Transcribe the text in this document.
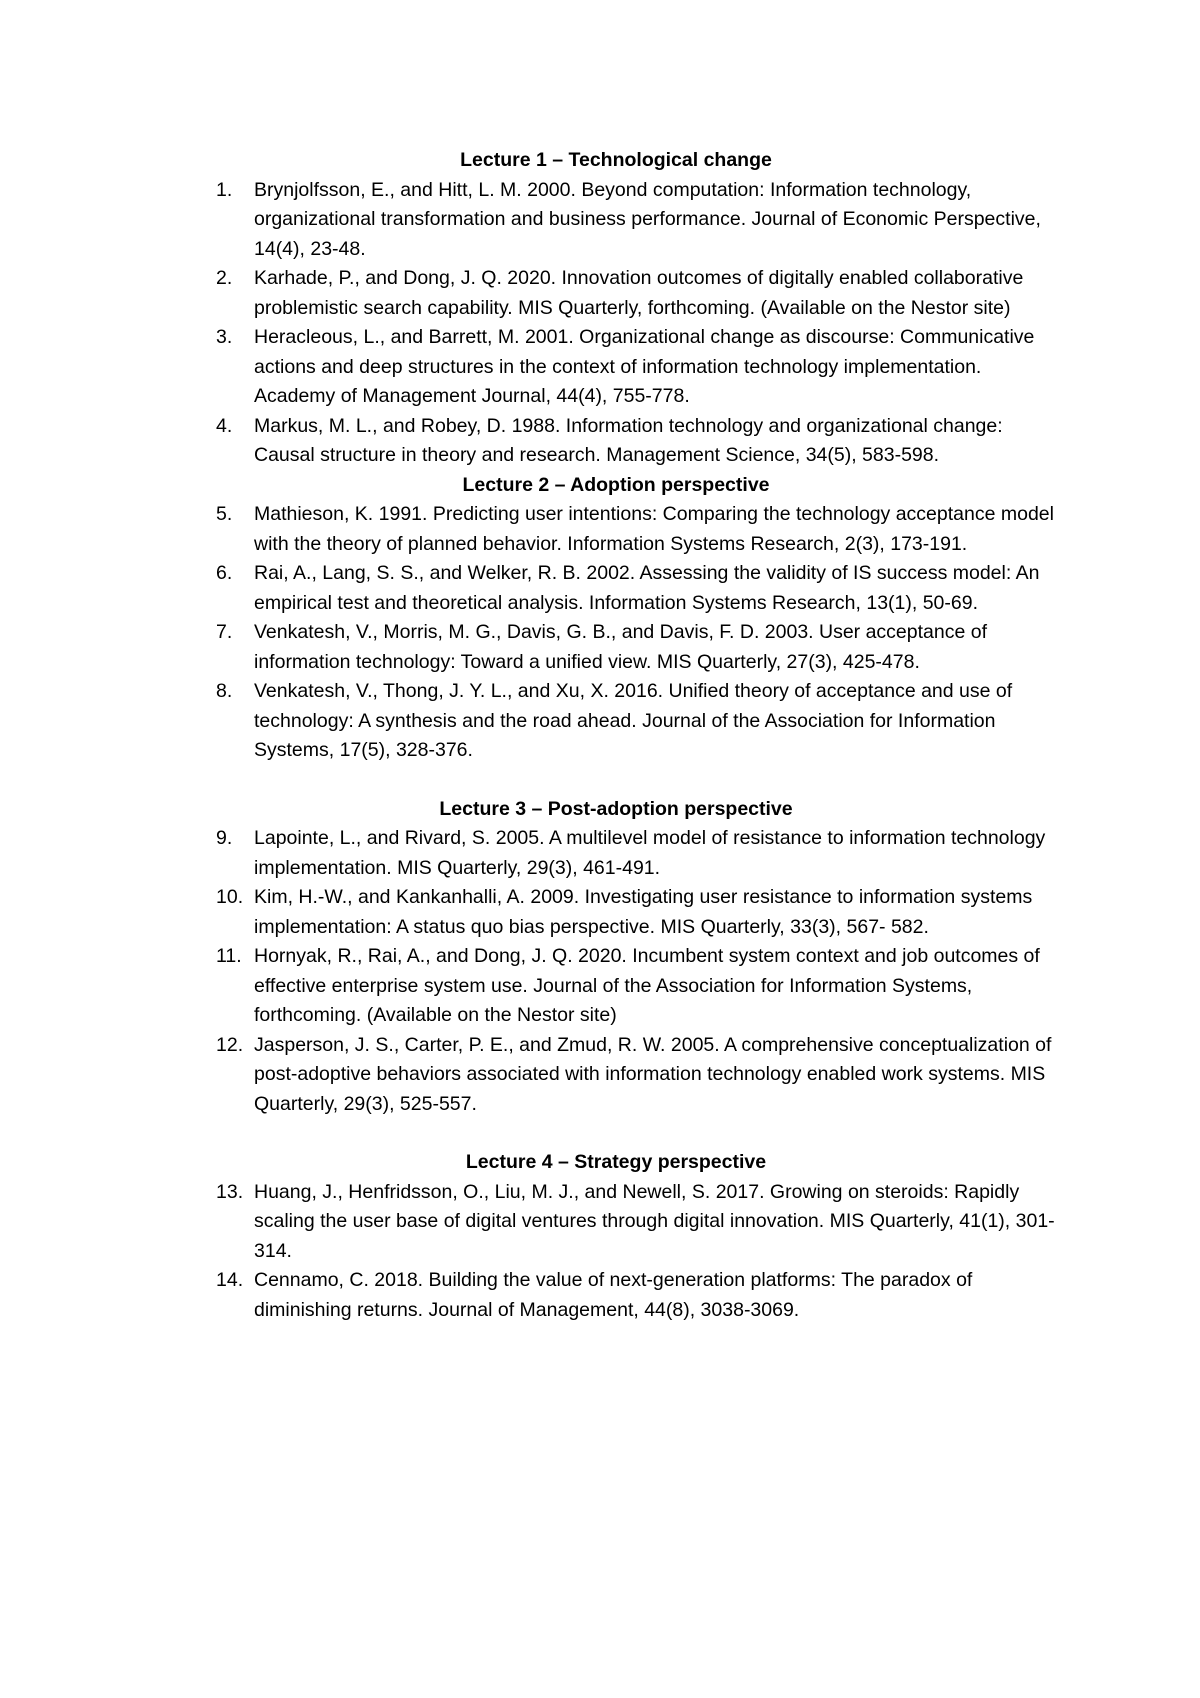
Lecture 1 – Technological change
1.	Brynjolfsson, E., and Hitt, L. M. 2000. Beyond computation: Information technology, organizational transformation and business performance. Journal of Economic Perspective, 14(4), 23-48.
2.	Karhade, P., and Dong, J. Q. 2020. Innovation outcomes of digitally enabled collaborative problemistic search capability. MIS Quarterly, forthcoming. (Available on the Nestor site)
3.	Heracleous, L., and Barrett, M. 2001. Organizational change as discourse: Communicative actions and deep structures in the context of information technology implementation. Academy of Management Journal, 44(4), 755-778.
4.	Markus, M. L., and Robey, D. 1988. Information technology and organizational change: Causal structure in theory and research. Management Science, 34(5), 583-598.
Lecture 2 – Adoption perspective
5.	Mathieson, K. 1991. Predicting user intentions: Comparing the technology acceptance model with the theory of planned behavior. Information Systems Research, 2(3), 173-191.
6.	Rai, A., Lang, S. S., and Welker, R. B. 2002. Assessing the validity of IS success model: An empirical test and theoretical analysis. Information Systems Research, 13(1), 50-69.
7.	Venkatesh, V., Morris, M. G., Davis, G. B., and Davis, F. D. 2003. User acceptance of information technology: Toward a unified view. MIS Quarterly, 27(3), 425-478.
8.	Venkatesh, V., Thong, J. Y. L., and Xu, X. 2016. Unified theory of acceptance and use of technology: A synthesis and the road ahead. Journal of the Association for Information Systems, 17(5), 328-376.
Lecture 3 – Post-adoption perspective
9.	Lapointe, L., and Rivard, S. 2005. A multilevel model of resistance to information technology implementation. MIS Quarterly, 29(3), 461-491.
10. Kim, H.-W., and Kankanhalli, A. 2009. Investigating user resistance to information systems implementation: A status quo bias perspective. MIS Quarterly, 33(3), 567- 582.
11. Hornyak, R., Rai, A., and Dong, J. Q. 2020. Incumbent system context and job outcomes of effective enterprise system use. Journal of the Association for Information Systems, forthcoming. (Available on the Nestor site)
12. Jasperson, J. S., Carter, P. E., and Zmud, R. W. 2005. A comprehensive conceptualization of post-adoptive behaviors associated with information technology enabled work systems. MIS Quarterly, 29(3), 525-557.
Lecture 4 – Strategy perspective
13. Huang, J., Henfridsson, O., Liu, M. J., and Newell, S. 2017. Growing on steroids: Rapidly scaling the user base of digital ventures through digital innovation. MIS Quarterly, 41(1), 301-314.
14. Cennamo, C. 2018. Building the value of next-generation platforms: The paradox of diminishing returns. Journal of Management, 44(8), 3038-3069.
